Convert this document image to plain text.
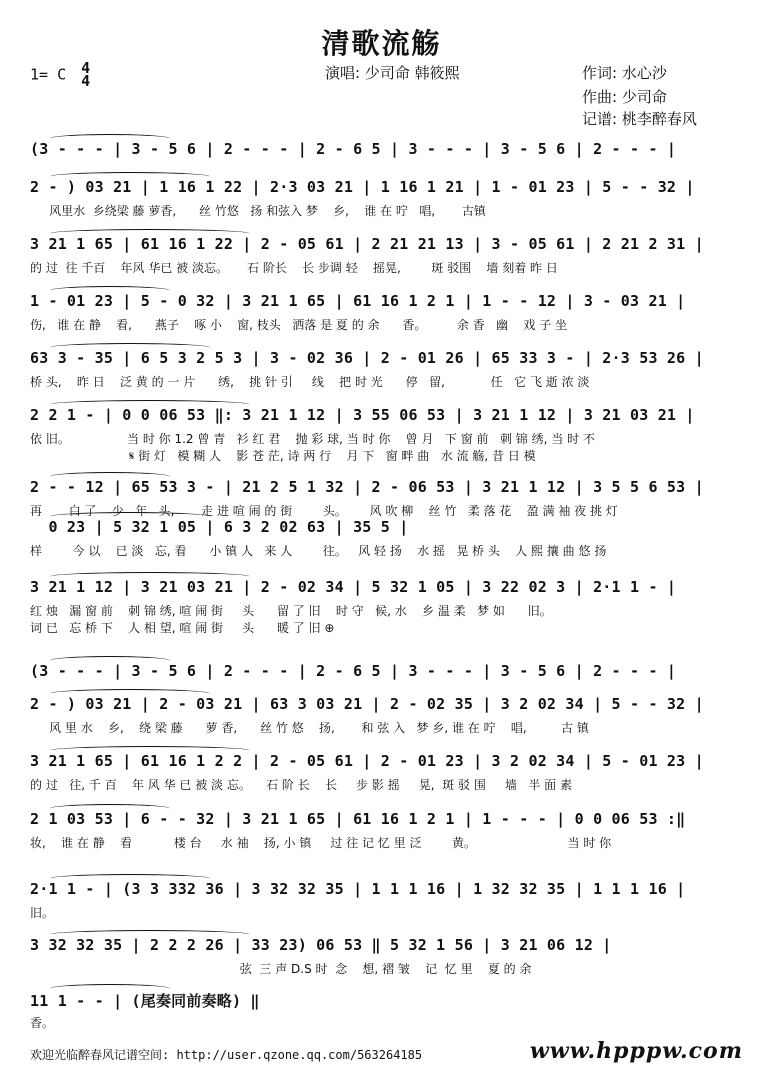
清歌流觞
1= C 4
4	演唱: 少司命 韩筱熙	作词: 水心沙
作曲: 少司命
记谱: 桃李醉春风
(3 - - - | 3 - 5 6 | 2 - - - | 2 - 6 5 | 3 - - - | 3 - 5 6 | 2 - - - |
2 - ) 03 21 | 1 16 1 22 | 2·3 03 21 | 1 16 1 21 | 1 - 01 23 | 5 - - 32 |
风里水  乡绕梁 藤 萝香,      丝 竹悠   扬 和弦入 梦    乡,    谁 在 咛   唱,       古镇
3 21 1 65 | 61 16 1 22 | 2 - 05 61 | 2 21 21 13 | 3 - 05 61 | 2 21 2 31 |
的 过  往 千百    年风 华已 被 淡忘。     石 阶长    长 步调 轻    摇晃,        斑 驳围    墙 刻着 昨 日
1 - 01 23 | 5 - 0 32 | 3 21 1 65 | 61 16 1 2 1 | 1 - - 12 | 3 - 03 21 |
伤,   谁 在 静    看,      燕子    啄 小    窗, 枝头   洒落 是 夏 的 余      香。        余 香   幽    戏 子 坐
63 3 - 35 | 6 5 3 2 5 3 | 3 - 02 36 | 2 - 01 26 | 65 33 3 - | 2·3 53 26 |
桥 头,    昨 日    泛 黄 的 一 片      绣,    挑 针 引     线    把 时 光      停   留,            任   它 飞 逝 浓 淡
2 2 1 - | 0 0 06 53 ‖: 3 21 1 12 | 3 55 06 53 | 3 21 1 12 | 3 21 03 21 |
依 旧。               当 时 你 1.2 曾 青   衫 红 君    抛 彩 球, 当 时 你    曾 月   下 窗 前   刺 锦 绣, 当 时 不
𝄋 街 灯   模 糊 人    影 苍 茫, 诗 两 行    月 下   窗 畔 曲   水 流 觞, 昔 日 模
2 - - 12 | 65 53 3 - | 21 2 5 1 32 | 2 - 06 53 | 3 21 1 12 | 3 5 5 6 53 |
再       白 了    少   年   头,       走 进 喧 闹 的 街        头。      风 吹 柳    丝 竹   柔 落 花    盈 满 袖 夜 挑 灯
0 23 | 5 32 1 05 | 6 3 2 02 63 | 35 5 |
样        今 以    已 淡   忘, 看      小 镇 人   来 人        往。   风 轻 扬    水 摇   晃 桥 头    人 熙 攘 曲 悠 扬
3 21 1 12 | 3 21 03 21 | 2 - 02 34 | 5 32 1 05 | 3 22 02 3 | 2·1 1 - |
红 烛   漏 窗 前    刺 锦 绣, 喧 闹 街     头      留 了 旧    时 守   候, 水    乡 温 柔   梦 如      旧。
词 已   忘 桥 下    人 相 望, 喧 闹 街     头      暖 了 旧 ⊕
(3 - - - | 3 - 5 6 | 2 - - - | 2 - 6 5 | 3 - - - | 3 - 5 6 | 2 - - - |
2 - ) 03 21 | 2 - 03 21 | 63 3 03 21 | 2 - 02 35 | 3 2 02 34 | 5 - - 32 |
风 里 水    乡,    绕 梁 藤      萝 香,      丝 竹 悠    扬,       和 弦 入   梦 乡, 谁 在 咛    唱,         古 镇
3 21 1 65 | 61 16 1 2 2 | 2 - 05 61 | 2 - 01 23 | 3 2 02 34 | 5 - 01 23 |
的 过   往, 千 百    年 风 华 已 被 淡 忘。    石 阶 长    长     步 影 摇     晃,  斑 驳 围     墙   半 面 素
2 1 03 53 | 6 - - 32 | 3 21 1 65 | 61 16 1 2 1 | 1 - - - | 0 0 06 53 :‖
妆,    谁 在 静    看           楼 台     水 袖    扬, 小 镇     过 往 记 忆 里 泛        黄。                        当 时 你
2·1 1 - | (3 3 332 36 | 3 32 32 35 | 1 1 1 16 | 1 32 32 35 | 1 1 1 16 |
旧。
3 32 32 35 | 2 2 2 26 | 33 23) 06 53 ‖ 5 32 1 56 | 3 21 06 12 |
弦  三 声 D.S 时  念    想, 褶 皱    记  忆 里    夏 的 余
11 1 - - | (尾奏同前奏略) ‖
香。
欢迎光临醉春风记谱空间: http://user.qzone.qq.com/563264185	www.hpppw.com
